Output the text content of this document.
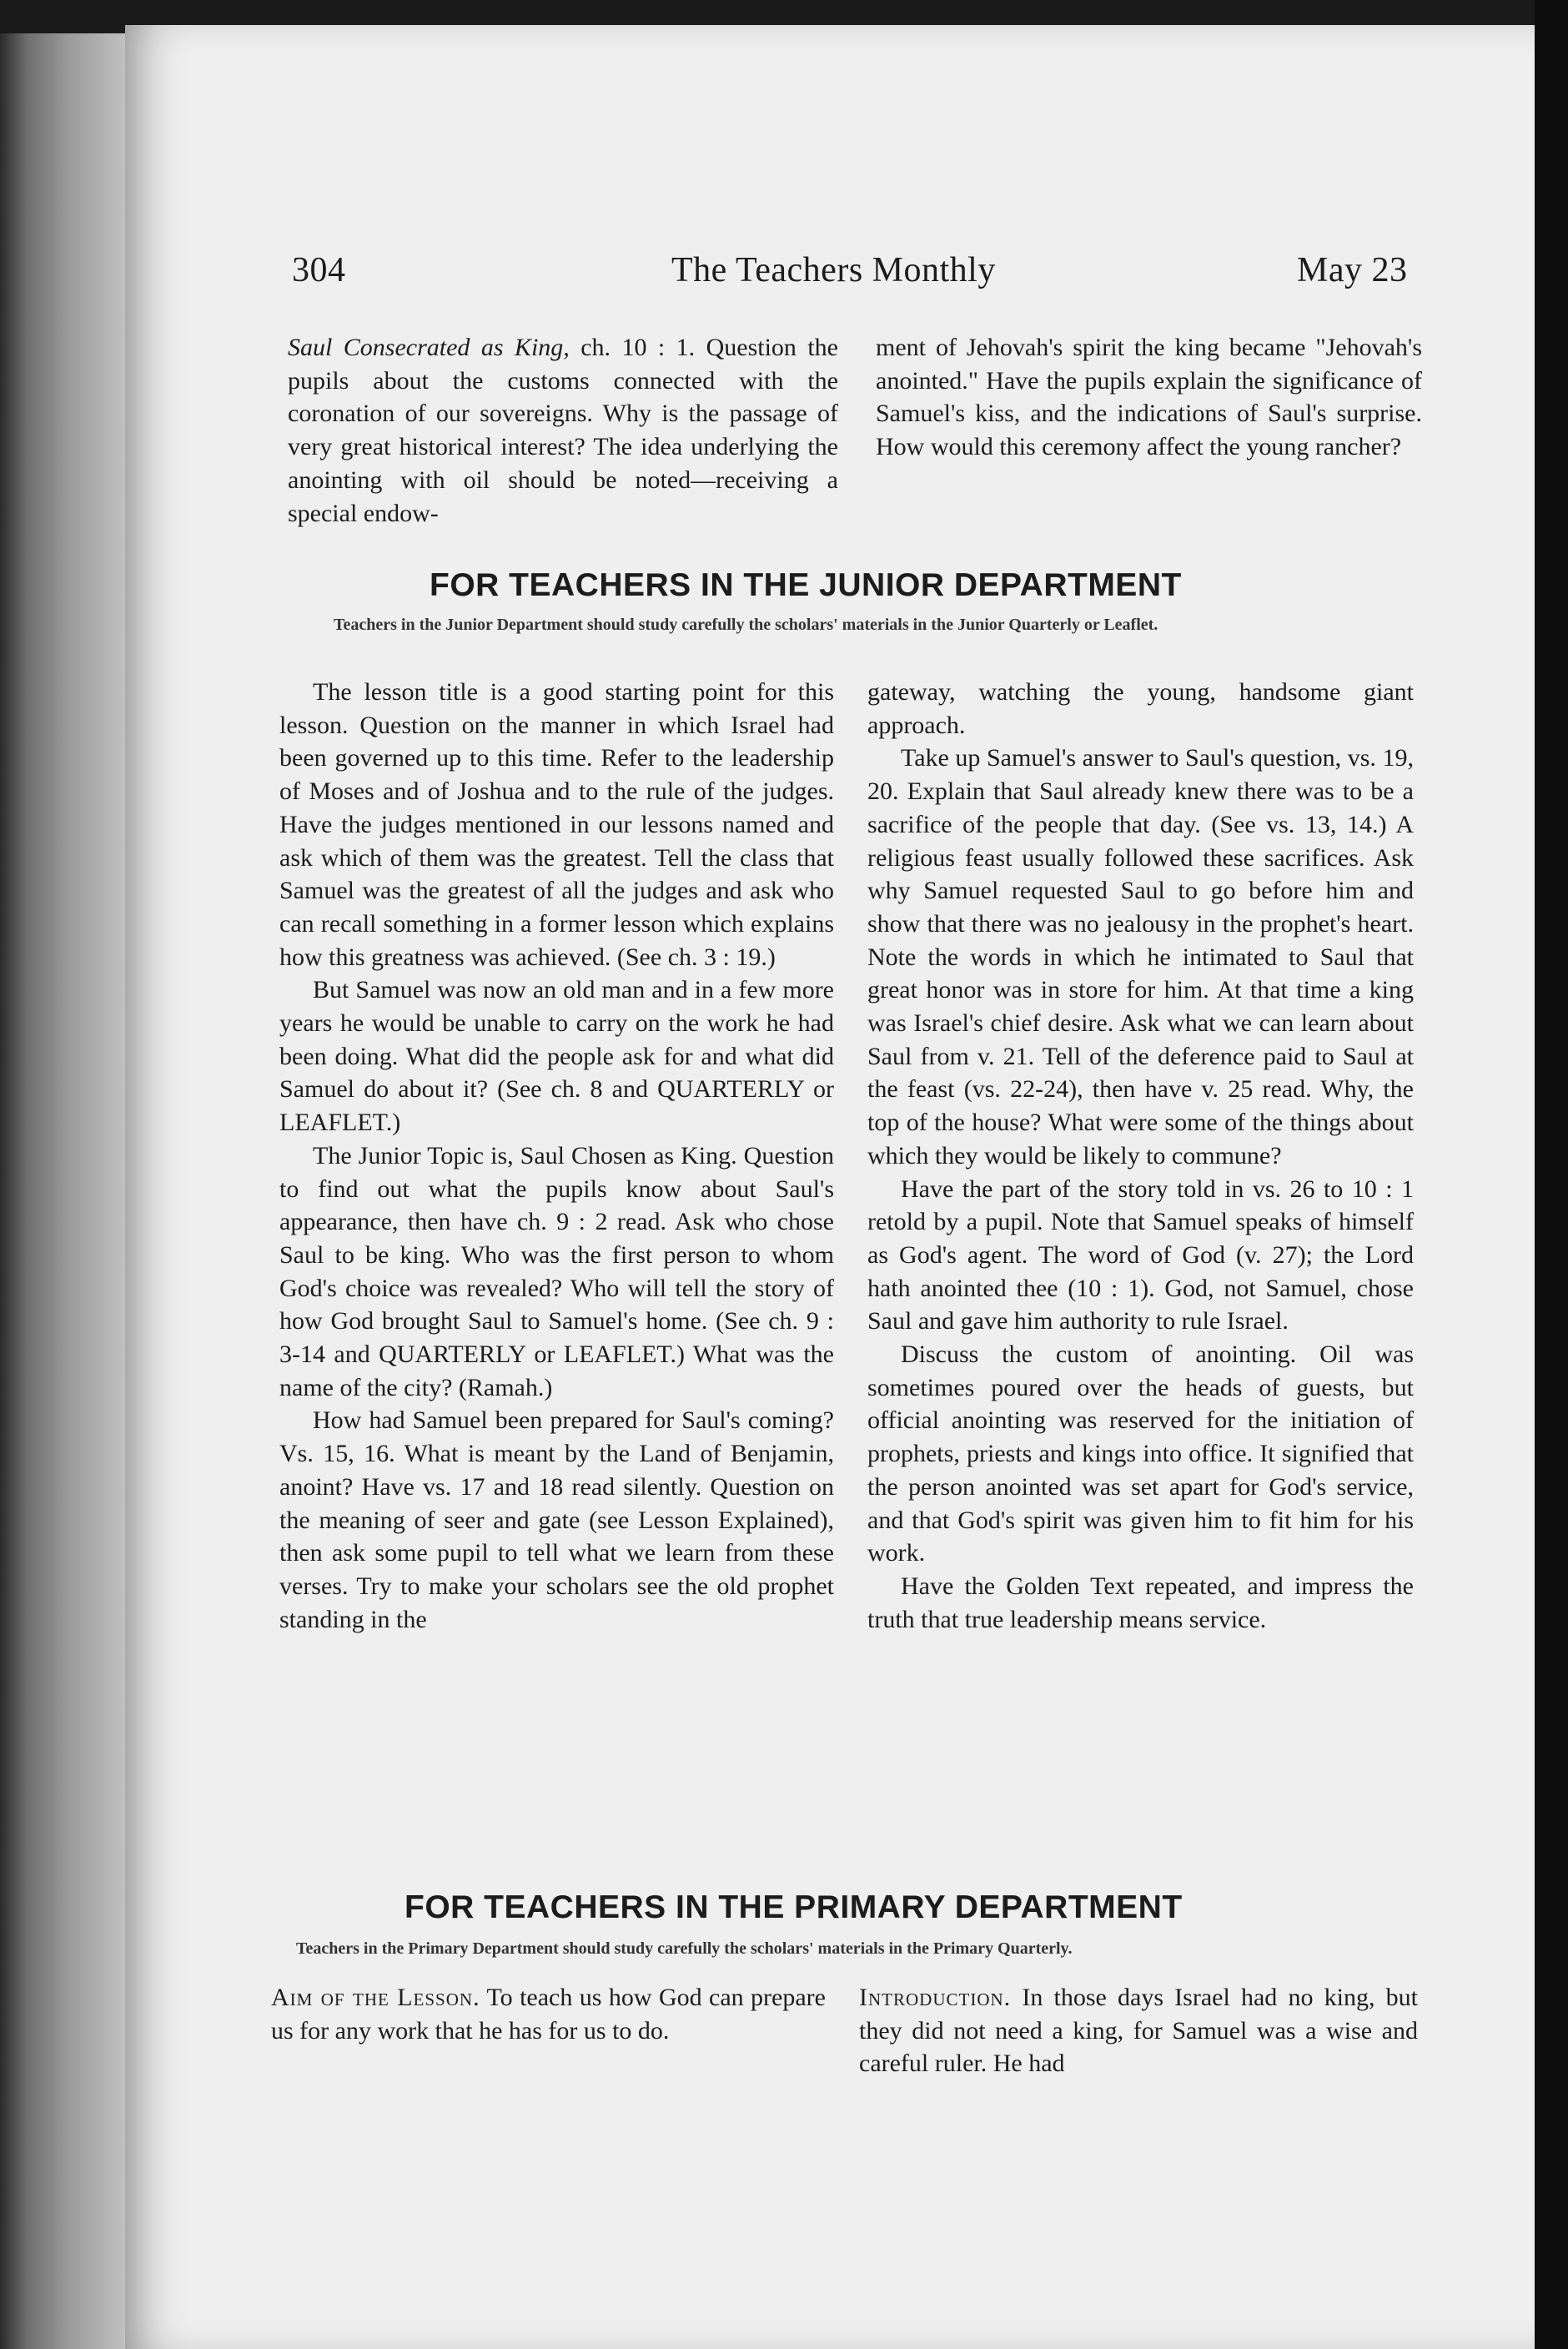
304	The Teachers Monthly	May 23

Saul Consecrated as King, ch. 10 : 1. Question the pupils about the customs connected with the coronation of our sovereigns. Why is the passage of very great historical interest? The idea underlying the anointing with oil should be noted—receiving a special endow-

ment of Jehovah's spirit the king became "Jehovah's anointed." Have the pupils explain the significance of Samuel's kiss, and the indications of Saul's surprise. How would this ceremony affect the young rancher?

FOR TEACHERS IN THE JUNIOR DEPARTMENT
Teachers in the Junior Department should study carefully the scholars' materials in the Junior Quarterly or Leaflet.

The lesson title is a good starting point for this lesson. Question on the manner in which Israel had been governed up to this time. Refer to the leadership of Moses and of Joshua and to the rule of the judges. Have the judges mentioned in our lessons named and ask which of them was the greatest. Tell the class that Samuel was the greatest of all the judges and ask who can recall something in a former lesson which explains how this greatness was achieved. (See ch. 3 : 19.)

But Samuel was now an old man and in a few more years he would be unable to carry on the work he had been doing. What did the people ask for and what did Samuel do about it? (See ch. 8 and QUARTERLY or LEAFLET.)

The Junior Topic is, Saul Chosen as King. Question to find out what the pupils know about Saul's appearance, then have ch. 9 : 2 read. Ask who chose Saul to be king. Who was the first person to whom God's choice was revealed? Who will tell the story of how God brought Saul to Samuel's home. (See ch. 9 : 3-14 and QUARTERLY or LEAFLET.) What was the name of the city? (Ramah.)

How had Samuel been prepared for Saul's coming? Vs. 15, 16. What is meant by the Land of Benjamin, anoint? Have vs. 17 and 18 read silently. Question on the meaning of seer and gate (see Lesson Explained), then ask some pupil to tell what we learn from these verses. Try to make your scholars see the old prophet standing in the

gateway, watching the young, handsome giant approach.

Take up Samuel's answer to Saul's question, vs. 19, 20. Explain that Saul already knew there was to be a sacrifice of the people that day. (See vs. 13, 14.) A religious feast usually followed these sacrifices. Ask why Samuel requested Saul to go before him and show that there was no jealousy in the prophet's heart. Note the words in which he intimated to Saul that great honor was in store for him. At that time a king was Israel's chief desire. Ask what we can learn about Saul from v. 21. Tell of the deference paid to Saul at the feast (vs. 22-24), then have v. 25 read. Why, the top of the house? What were some of the things about which they would be likely to commune?

Have the part of the story told in vs. 26 to 10 : 1 retold by a pupil. Note that Samuel speaks of himself as God's agent. The word of God (v. 27); the Lord hath anointed thee (10 : 1). God, not Samuel, chose Saul and gave him authority to rule Israel.

Discuss the custom of anointing. Oil was sometimes poured over the heads of guests, but official anointing was reserved for the initiation of prophets, priests and kings into office. It signified that the person anointed was set apart for God's service, and that God's spirit was given him to fit him for his work.

Have the Golden Text repeated, and impress the truth that true leadership means service.

FOR TEACHERS IN THE PRIMARY DEPARTMENT
Teachers in the Primary Department should study carefully the scholars' materials in the Primary Quarterly.

Aim of the Lesson. To teach us how God can prepare us for any work that he has for us to do.

Introduction. In those days Israel had no king, but they did not need a king, for Samuel was a wise and careful ruler. He had
